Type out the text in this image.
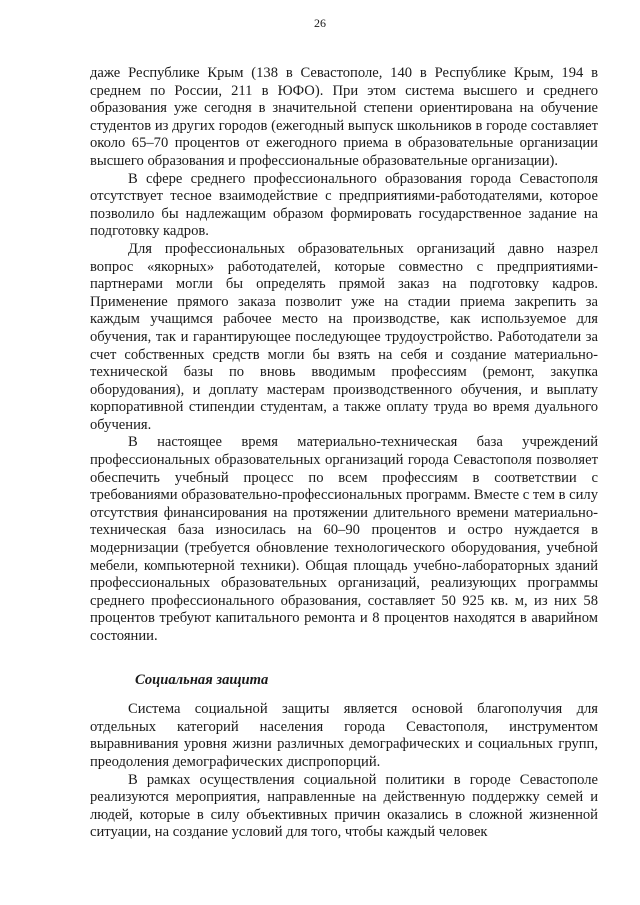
26

даже Республике Крым (138 в Севастополе, 140 в Республике Крым, 194 в среднем по России, 211 в ЮФО). При этом система высшего и среднего образования уже сегодня в значительной степени ориентирована на обучение студентов из других городов (ежегодный выпуск школьников в городе составляет около 65–70 процентов от ежегодного приема в образовательные организации высшего образования и профессиональные образовательные организации).

В сфере среднего профессионального образования города Севастополя отсутствует тесное взаимодействие с предприятиями-работодателями, которое позволило бы надлежащим образом формировать государственное задание на подготовку кадров.

Для профессиональных образовательных организаций давно назрел вопрос «якорных» работодателей, которые совместно с предприятиями-партнерами могли бы определять прямой заказ на подготовку кадров. Применение прямого заказа позволит уже на стадии приема закрепить за каждым учащимся рабочее место на производстве, как используемое для обучения, так и гарантирующее последующее трудоустройство. Работодатели за счет собственных средств могли бы взять на себя и создание материально-технической базы по вновь вводимым профессиям (ремонт, закупка оборудования), и доплату мастерам производственного обучения, и выплату корпоративной стипендии студентам, а также оплату труда во время дуального обучения.

В настоящее время материально-техническая база учреждений профессиональных образовательных организаций города Севастополя позволяет обеспечить учебный процесс по всем профессиям в соответствии с требованиями образовательно-профессиональных программ. Вместе с тем в силу отсутствия финансирования на протяжении длительного времени материально-техническая база износилась на 60–90 процентов и остро нуждается в модернизации (требуется обновление технологического оборудования, учебной мебели, компьютерной техники). Общая площадь учебно-лабораторных зданий профессиональных образовательных организаций, реализующих программы среднего профессионального образования, составляет 50 925 кв. м, из них 58 процентов требуют капитального ремонта и 8 процентов находятся в аварийном состоянии.

Социальная защита

Система социальной защиты является основой благополучия для отдельных категорий населения города Севастополя, инструментом выравнивания уровня жизни различных демографических и социальных групп, преодоления демографических диспропорций.

В рамках осуществления социальной политики в городе Севастополе реализуются мероприятия, направленные на действенную поддержку семей и людей, которые в силу объективных причин оказались в сложной жизненной ситуации, на создание условий для того, чтобы каждый человек
